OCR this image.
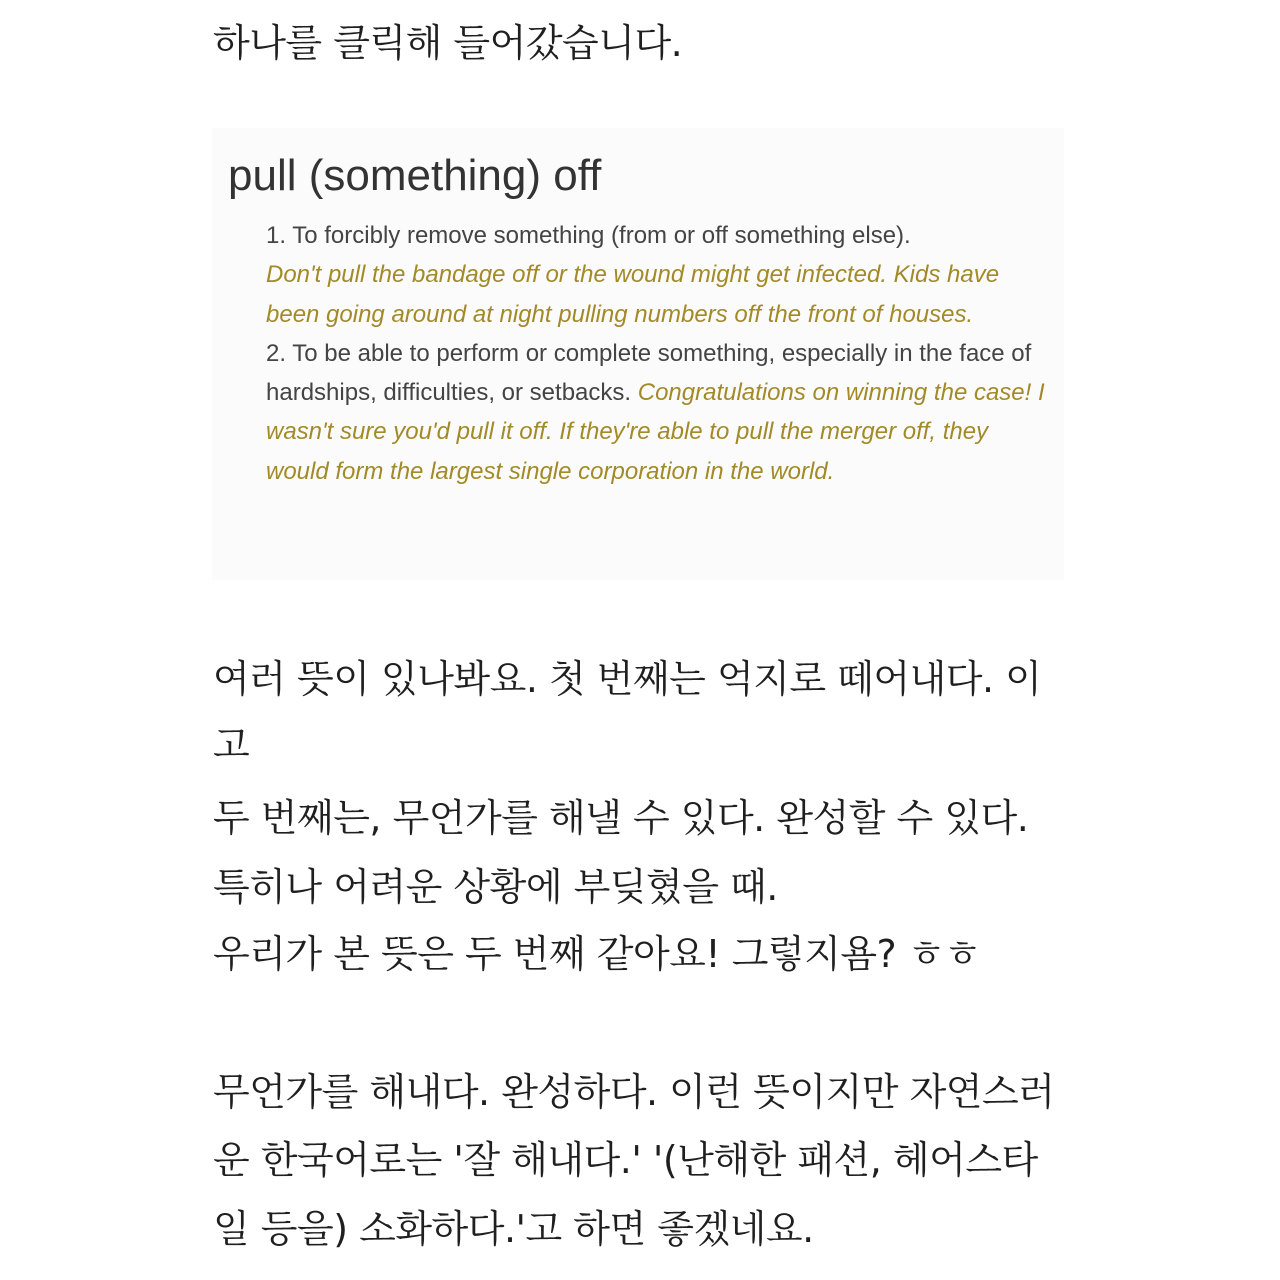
하나를 클릭해 들어갔습니다.
pull (something) off
1. To forcibly remove something (from or off something else).
Don't pull the bandage off or the wound might get infected. Kids have been going around at night pulling numbers off the front of houses.
2. To be able to perform or complete something, especially in the face of hardships, difficulties, or setbacks. Congratulations on winning the case! I wasn't sure you'd pull it off. If they're able to pull the merger off, they would form the largest single corporation in the world.
여러 뜻이 있나봐요. 첫 번째는 억지로 떼어내다. 이
고
두 번째는, 무언가를 해낼 수 있다. 완성할 수 있다.
특히나 어려운 상황에 부딪혔을 때.
우리가 본 뜻은 두 번째 같아요! 그렇지욤? ㅎㅎ
무언가를 해내다. 완성하다. 이런 뜻이지만 자연스러
운 한국어로는 '잘 해내다.' '(난해한 패션, 헤어스타
일 등을) 소화하다.'고 하면 좋겠네요.
